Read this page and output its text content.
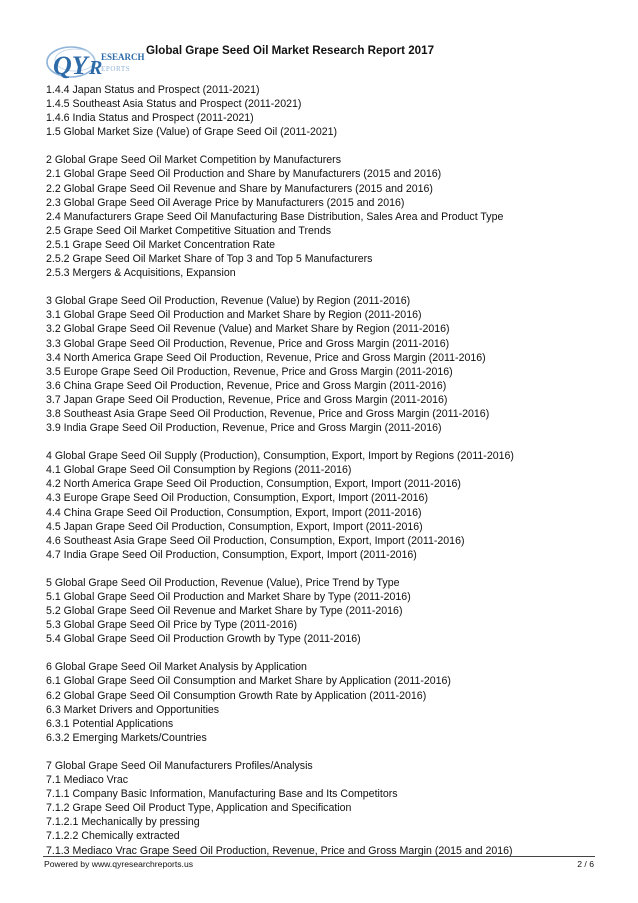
QY R
ESEARCH
EPORTS
Global Grape Seed Oil Market Research Report 2017
1.4.4 Japan Status and Prospect (2011-2021)
1.4.5 Southeast Asia Status and Prospect (2011-2021)
1.4.6 India Status and Prospect (2011-2021)
1.5 Global Market Size (Value) of Grape Seed Oil (2011-2021)
2 Global Grape Seed Oil Market Competition by Manufacturers
2.1 Global Grape Seed Oil Production and Share by Manufacturers (2015 and 2016)
2.2 Global Grape Seed Oil Revenue and Share by Manufacturers (2015 and 2016)
2.3 Global Grape Seed Oil Average Price by Manufacturers (2015 and 2016)
2.4 Manufacturers Grape Seed Oil Manufacturing Base Distribution, Sales Area and Product Type
2.5 Grape Seed Oil Market Competitive Situation and Trends
2.5.1 Grape Seed Oil Market Concentration Rate
2.5.2 Grape Seed Oil Market Share of Top 3 and Top 5 Manufacturers
2.5.3 Mergers & Acquisitions, Expansion
3 Global Grape Seed Oil Production, Revenue (Value) by Region (2011-2016)
3.1 Global Grape Seed Oil Production and Market Share by Region (2011-2016)
3.2 Global Grape Seed Oil Revenue (Value) and Market Share by Region (2011-2016)
3.3 Global Grape Seed Oil Production, Revenue, Price and Gross Margin (2011-2016)
3.4 North America Grape Seed Oil Production, Revenue, Price and Gross Margin (2011-2016)
3.5 Europe Grape Seed Oil Production, Revenue, Price and Gross Margin (2011-2016)
3.6 China Grape Seed Oil Production, Revenue, Price and Gross Margin (2011-2016)
3.7 Japan Grape Seed Oil Production, Revenue, Price and Gross Margin (2011-2016)
3.8 Southeast Asia Grape Seed Oil Production, Revenue, Price and Gross Margin (2011-2016)
3.9 India Grape Seed Oil Production, Revenue, Price and Gross Margin (2011-2016)
4 Global Grape Seed Oil Supply (Production), Consumption, Export, Import by Regions (2011-2016)
4.1 Global Grape Seed Oil Consumption by Regions (2011-2016)
4.2 North America Grape Seed Oil Production, Consumption, Export, Import (2011-2016)
4.3 Europe Grape Seed Oil Production, Consumption, Export, Import (2011-2016)
4.4 China Grape Seed Oil Production, Consumption, Export, Import (2011-2016)
4.5 Japan Grape Seed Oil Production, Consumption, Export, Import (2011-2016)
4.6 Southeast Asia Grape Seed Oil Production, Consumption, Export, Import (2011-2016)
4.7 India Grape Seed Oil Production, Consumption, Export, Import (2011-2016)
5 Global Grape Seed Oil Production, Revenue (Value), Price Trend by Type
5.1 Global Grape Seed Oil Production and Market Share by Type (2011-2016)
5.2 Global Grape Seed Oil Revenue and Market Share by Type (2011-2016)
5.3 Global Grape Seed Oil Price by Type (2011-2016)
5.4 Global Grape Seed Oil Production Growth by Type (2011-2016)
6 Global Grape Seed Oil Market Analysis by Application
6.1 Global Grape Seed Oil Consumption and Market Share by Application (2011-2016)
6.2 Global Grape Seed Oil Consumption Growth Rate by Application (2011-2016)
6.3 Market Drivers and Opportunities
6.3.1 Potential Applications
6.3.2 Emerging Markets/Countries
7 Global Grape Seed Oil Manufacturers Profiles/Analysis
7.1 Mediaco Vrac
7.1.1 Company Basic Information, Manufacturing Base and Its Competitors
7.1.2 Grape Seed Oil Product Type, Application and Specification
7.1.2.1 Mechanically by pressing
7.1.2.2 Chemically extracted
7.1.3 Mediaco Vrac Grape Seed Oil Production, Revenue, Price and Gross Margin (2015 and 2016)
Powered by www.qyresearchreports.us	2 / 6
